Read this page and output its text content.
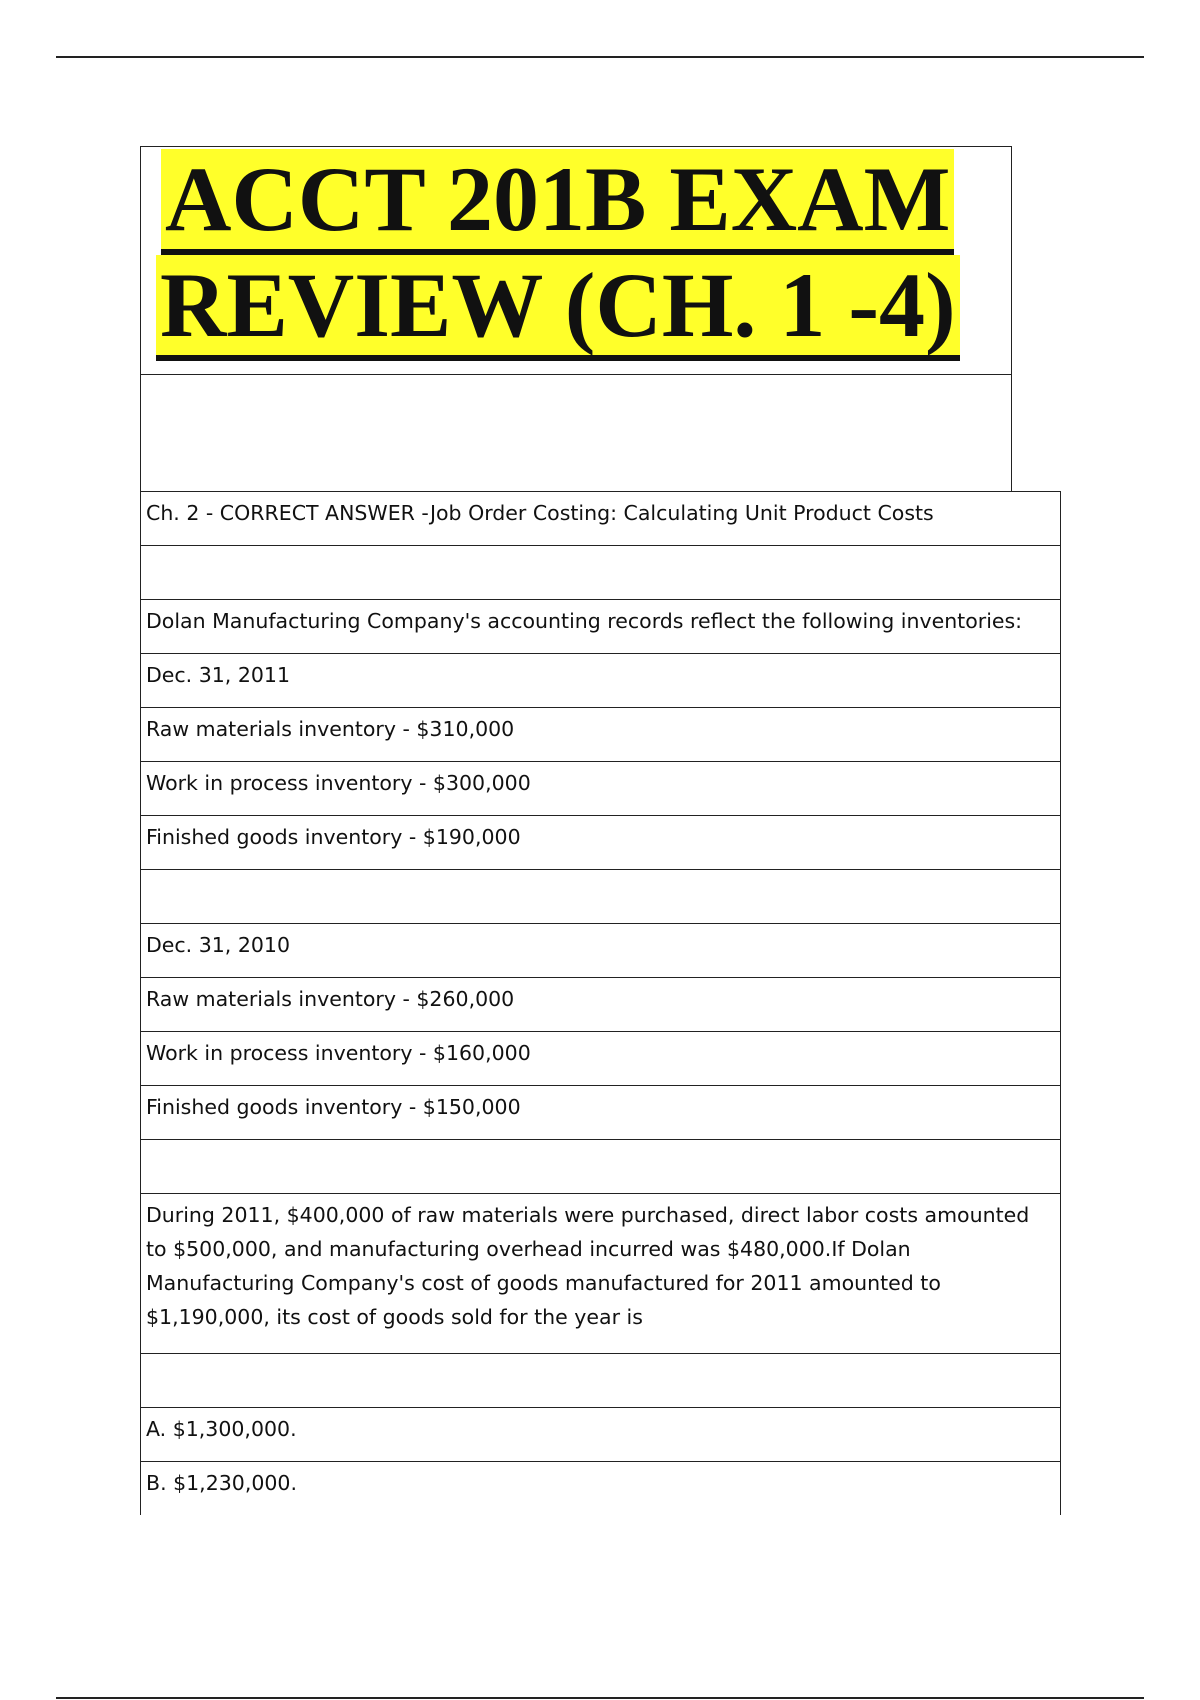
ACCT 201B EXAM
REVIEW (CH. 1 -4)
Ch. 2 - CORRECT ANSWER -Job Order Costing: Calculating Unit Product Costs
Dolan Manufacturing Company's accounting records reflect the following inventories:
Dec. 31, 2011
Raw materials inventory - $310,000
Work in process inventory - $300,000
Finished goods inventory - $190,000
Dec. 31, 2010
Raw materials inventory - $260,000
Work in process inventory - $160,000
Finished goods inventory - $150,000
During 2011, $400,000 of raw materials were purchased, direct labor costs amounted to $500,000, and manufacturing overhead incurred was $480,000.If Dolan Manufacturing Company's cost of goods manufactured for 2011 amounted to $1,190,000, its cost of goods sold for the year is
A. $1,300,000.
B. $1,230,000.
